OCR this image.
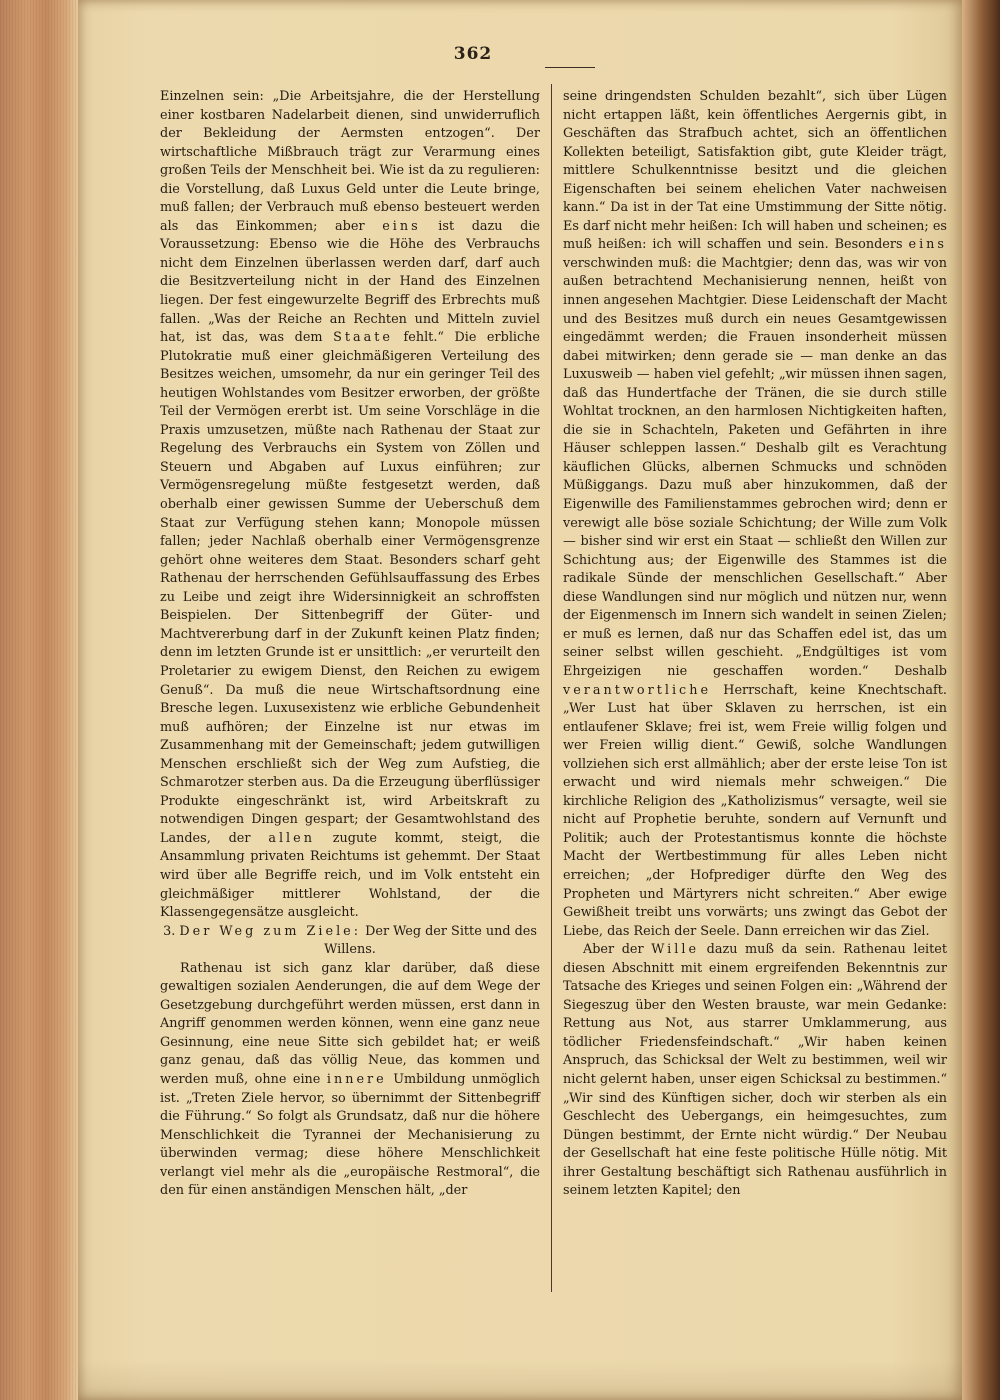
362

Einzelnen sein: „Die Arbeitsjahre, die der Herstellung einer kostbaren Nadelarbeit dienen, sind unwiderruflich der Bekleidung der Aermsten entzogen“. Der wirtschaftliche Mißbrauch trägt zur Verarmung eines großen Teils der Menschheit bei. Wie ist da zu regulieren: die Vorstellung, daß Luxus Geld unter die Leute bringe, muß fallen; der Verbrauch muß ebenso besteuert werden als das Einkommen; aber eins ist dazu die Voraussetzung: Ebenso wie die Höhe des Verbrauchs nicht dem Einzelnen überlassen werden darf, darf auch die Besitzverteilung nicht in der Hand des Einzelnen liegen. Der fest eingewurzelte Begriff des Erbrechts muß fallen. „Was der Reiche an Rechten und Mitteln zuviel hat, ist das, was dem Staate fehlt.“ Die erbliche Plutokratie muß einer gleichmäßigeren Verteilung des Besitzes weichen, umsomehr, da nur ein geringer Teil des heutigen Wohlstandes vom Besitzer erworben, der größte Teil der Vermögen ererbt ist. Um seine Vorschläge in die Praxis umzusetzen, müßte nach Rathenau der Staat zur Regelung des Verbrauchs ein System von Zöllen und Steuern und Abgaben auf Luxus einführen; zur Vermögensregelung müßte festgesetzt werden, daß oberhalb einer gewissen Summe der Ueberschuß dem Staat zur Verfügung stehen kann; Monopole müssen fallen; jeder Nachlaß oberhalb einer Vermögensgrenze gehört ohne weiteres dem Staat. Besonders scharf geht Rathenau der herrschenden Gefühlsauffassung des Erbes zu Leibe und zeigt ihre Widersinnigkeit an schroffsten Beispielen. Der Sittenbegriff der Güter- und Machtvererbung darf in der Zukunft keinen Platz finden; denn im letzten Grunde ist er unsittlich: „er verurteilt den Proletarier zu ewigem Dienst, den Reichen zu ewigem Genuß“. Da muß die neue Wirtschaftsordnung eine Bresche legen. Luxusexistenz wie erbliche Gebundenheit muß aufhören; der Einzelne ist nur etwas im Zusammenhang mit der Gemeinschaft; jedem gutwilligen Menschen erschließt sich der Weg zum Aufstieg, die Schmarotzer sterben aus. Da die Erzeugung überflüssiger Produkte eingeschränkt ist, wird Arbeitskraft zu notwendigen Dingen gespart; der Gesamtwohlstand des Landes, der allen zugute kommt, steigt, die Ansammlung privaten Reichtums ist gehemmt. Der Staat wird über alle Begriffe reich, und im Volk entsteht ein gleichmäßiger mittlerer Wohlstand, der die Klassengegensätze ausgleicht.

3. Der Weg zum Ziele: Der Weg der Sitte und des Willens.

Rathenau ist sich ganz klar darüber, daß diese gewaltigen sozialen Aenderungen, die auf dem Wege der Gesetzgebung durchgeführt werden müssen, erst dann in Angriff genommen werden können, wenn eine ganz neue Gesinnung, eine neue Sitte sich gebildet hat; er weiß ganz genau, daß das völlig Neue, das kommen und werden muß, ohne eine innere Umbildung unmöglich ist. „Treten Ziele hervor, so übernimmt der Sittenbegriff die Führung.“ So folgt als Grundsatz, daß nur die höhere Menschlichkeit die Tyrannei der Mechanisierung zu überwinden vermag; diese höhere Menschlichkeit verlangt viel mehr als die „europäische Restmoral“, die den für einen anständigen Menschen hält, „der

seine dringendsten Schulden bezahlt“, sich über Lügen nicht ertappen läßt, kein öffentliches Aergernis gibt, in Geschäften das Strafbuch achtet, sich an öffentlichen Kollekten beteiligt, Satisfaktion gibt, gute Kleider trägt, mittlere Schulkenntnisse besitzt und die gleichen Eigenschaften bei seinem ehelichen Vater nachweisen kann.“ Da ist in der Tat eine Umstimmung der Sitte nötig. Es darf nicht mehr heißen: Ich will haben und scheinen; es muß heißen: ich will schaffen und sein. Besonders eins verschwinden muß: die Machtgier; denn das, was wir von außen betrachtend Mechanisierung nennen, heißt von innen angesehen Machtgier. Diese Leidenschaft der Macht und des Besitzes muß durch ein neues Gesamtgewissen eingedämmt werden; die Frauen insonderheit müssen dabei mitwirken; denn gerade sie — man denke an das Luxusweib — haben viel gefehlt; „wir müssen ihnen sagen, daß das Hundertfache der Tränen, die sie durch stille Wohltat trocknen, an den harmlosen Nichtigkeiten haften, die sie in Schachteln, Paketen und Gefährten in ihre Häuser schleppen lassen.“ Deshalb gilt es Verachtung käuflichen Glücks, albernen Schmucks und schnöden Müßiggangs. Dazu muß aber hinzukommen, daß der Eigenwille des Familienstammes gebrochen wird; denn er verewigt alle böse soziale Schichtung; der Wille zum Volk — bisher sind wir erst ein Staat — schließt den Willen zur Schichtung aus; der Eigenwille des Stammes ist die radikale Sünde der menschlichen Gesellschaft.“ Aber diese Wandlungen sind nur möglich und nützen nur, wenn der Eigenmensch im Innern sich wandelt in seinen Zielen; er muß es lernen, daß nur das Schaffen edel ist, das um seiner selbst willen geschieht. „Endgültiges ist vom Ehrgeizigen nie geschaffen worden.“ Deshalb verantwortliche Herrschaft, keine Knechtschaft. „Wer Lust hat über Sklaven zu herrschen, ist ein entlaufener Sklave; frei ist, wem Freie willig folgen und wer Freien willig dient.“ Gewiß, solche Wandlungen vollziehen sich erst allmählich; aber der erste leise Ton ist erwacht und wird niemals mehr schweigen.“ Die kirchliche Religion des „Katholizismus“ versagte, weil sie nicht auf Prophetie beruhte, sondern auf Vernunft und Politik; auch der Protestantismus konnte die höchste Macht der Wertbestimmung für alles Leben nicht erreichen; „der Hofprediger dürfte den Weg des Propheten und Märtyrers nicht schreiten.“ Aber ewige Gewißheit treibt uns vorwärts; uns zwingt das Gebot der Liebe, das Reich der Seele. Dann erreichen wir das Ziel.

Aber der Wille dazu muß da sein. Rathenau leitet diesen Abschnitt mit einem ergreifenden Bekenntnis zur Tatsache des Krieges und seinen Folgen ein: „Während der Siegeszug über den Westen brauste, war mein Gedanke: Rettung aus Not, aus starrer Umklammerung, aus tödlicher Friedensfeindschaft.“ „Wir haben keinen Anspruch, das Schicksal der Welt zu bestimmen, weil wir nicht gelernt haben, unser eigen Schicksal zu bestimmen.“ „Wir sind des Künftigen sicher, doch wir sterben als ein Geschlecht des Uebergangs, ein heimgesuchtes, zum Düngen bestimmt, der Ernte nicht würdig.“ Der Neubau der Gesellschaft hat eine feste politische Hülle nötig. Mit ihrer Gestaltung beschäftigt sich Rathenau ausführlich in seinem letzten Kapitel; den
